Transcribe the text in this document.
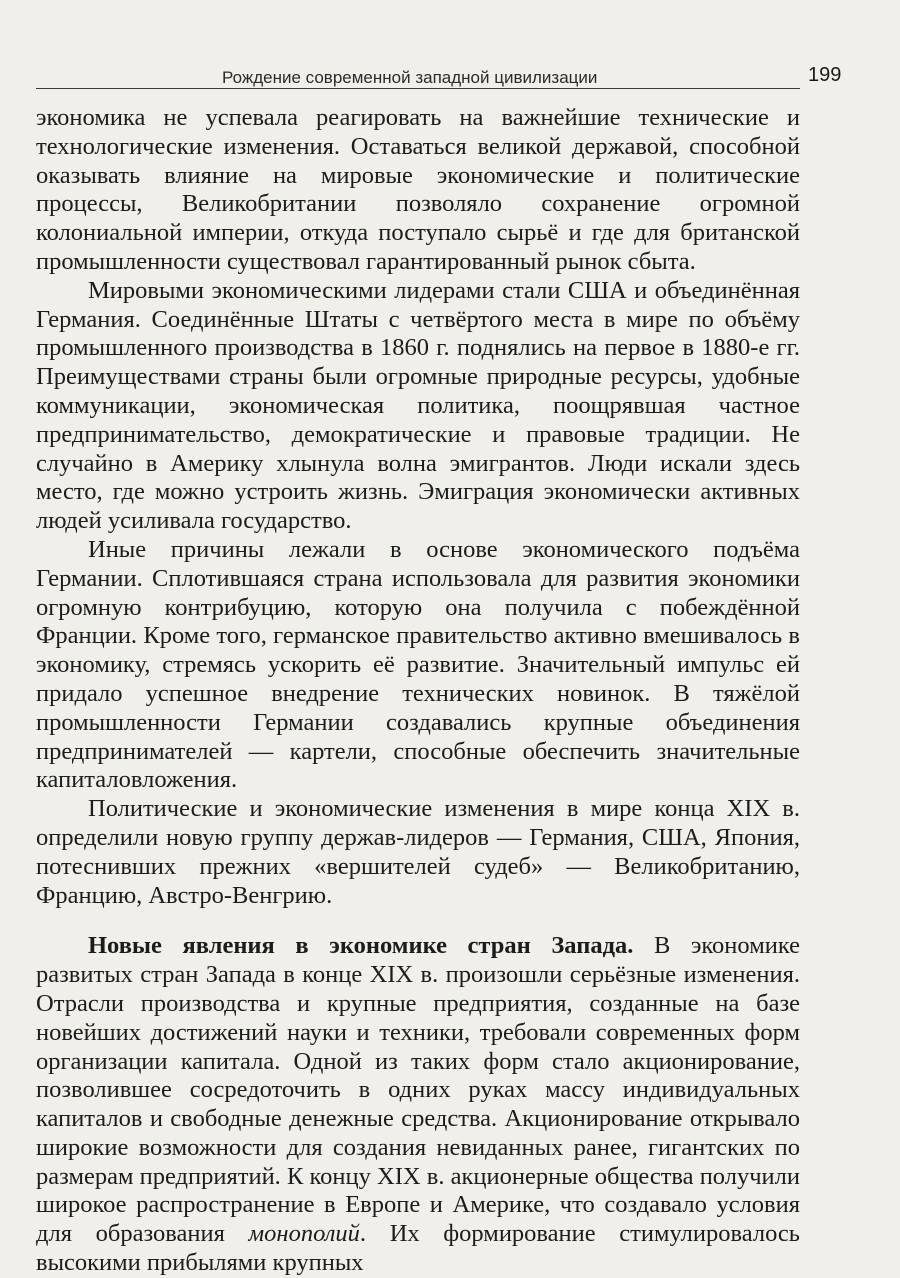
Рождение современной западной цивилизации	199

экономика не успевала реагировать на важнейшие технические и технологические изменения. Оставаться великой державой, способной оказывать влияние на мировые экономические и политические процессы, Великобритании позволяло сохранение огромной колониальной империи, откуда поступало сырьё и где для британской промышленности существовал гарантированный рынок сбыта.

Мировыми экономическими лидерами стали США и объединённая Германия. Соединённые Штаты с четвёртого места в мире по объёму промышленного производства в 1860 г. поднялись на первое в 1880-е гг. Преимуществами страны были огромные природные ресурсы, удобные коммуникации, экономическая политика, поощрявшая частное предпринимательство, демократические и правовые традиции. Не случайно в Америку хлынула волна эмигрантов. Люди искали здесь место, где можно устроить жизнь. Эмиграция экономически активных людей усиливала государство.

Иные причины лежали в основе экономического подъёма Германии. Сплотившаяся страна использовала для развития экономики огромную контрибуцию, которую она получила с побеждённой Франции. Кроме того, германское правительство активно вмешивалось в экономику, стремясь ускорить её развитие. Значительный импульс ей придало успешное внедрение технических новинок. В тяжёлой промышленности Германии создавались крупные объединения предпринимателей — картели, способные обеспечить значительные капиталовложения.

Политические и экономические изменения в мире конца XIX в. определили новую группу держав-лидеров — Германия, США, Япония, потеснивших прежних «вершителей судеб» — Великобританию, Францию, Австро-Венгрию.

Новые явления в экономике стран Запада. В экономике развитых стран Запада в конце XIX в. произошли серьёзные изменения. Отрасли производства и крупные предприятия, созданные на базе новейших достижений науки и техники, требовали современных форм организации капитала. Одной из таких форм стало акционирование, позволившее сосредоточить в одних руках массу индивидуальных капиталов и свободные денежные средства. Акционирование открывало широкие возможности для создания невиданных ранее, гигантских по размерам предприятий. К концу XIX в. акционерные общества получили широкое распространение в Европе и Америке, что создавало условия для образования монополий. Их формирование стимулировалось высокими прибылями крупных
